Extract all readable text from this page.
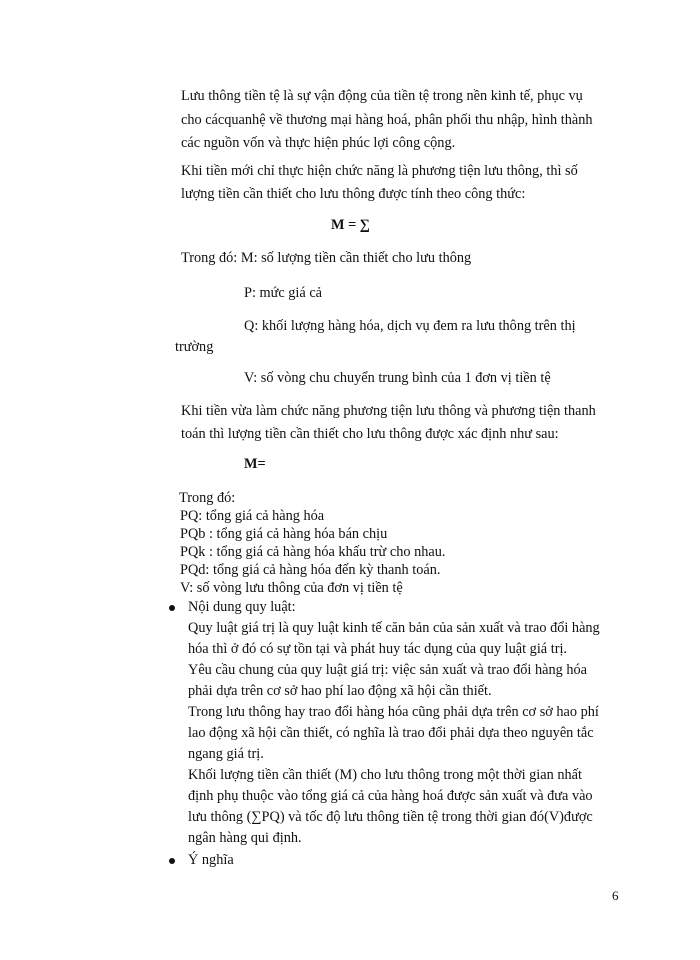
Lưu thông tiền tệ là sự vận động của tiền tệ trong nền kinh tế, phục vụ
cho cácquanhệ về thương mại hàng hoá, phân phối thu nhập, hình thành
các nguồn vốn và thực hiện phúc lợi công cộng.
Khi tiền mới chỉ thực hiện chức năng là phương tiện lưu thông, thì số
lượng tiền cần thiết cho lưu thông được tính theo công thức:
M = ∑
Trong đó: M: số lượng tiền cần thiết cho lưu thông
P: mức giá cả
Q: khối lượng hàng hóa, dịch vụ đem ra lưu thông trên thị
trường
V: số vòng chu chuyển trung bình của 1 đơn vị tiền tệ
Khi tiền vừa làm chức năng phương tiện lưu thông và phương tiện thanh
toán thì lượng tiền cần thiết cho lưu thông được xác định như sau:
M=
Trong đó:
PQ: tổng giá cả hàng hóa
PQb : tổng giá cả hàng hóa bán chịu
PQk : tổng giá cả hàng hóa khấu trừ cho nhau.
PQd: tổng giá cả hàng hóa đến kỳ thanh toán.
V: số vòng lưu thông của đơn vị tiền tệ
Nội dung quy luật:
Quy luật giá trị là quy luật kinh tế căn bản của sản xuất và trao đổi hàng
hóa thì ở đó có sự tồn tại và phát huy tác dụng của quy luật giá trị.
Yêu cầu chung của quy luật giá trị: việc sản xuất và trao đổi hàng hóa
phải dựa trên cơ sở hao phí lao động xã hội cần thiết.
Trong lưu thông hay trao đổi hàng hóa cũng phải dựa trên cơ sở hao phí
lao động xã hội cần thiết, có nghĩa là trao đổi phải dựa theo nguyên tắc
ngang giá trị.
Khối lượng tiền cần thiết (M) cho lưu thông trong một thời gian nhất
định phụ thuộc vào tổng giá cả của hàng hoá được sản xuất và đưa vào
lưu thông (∑PQ) và tốc độ lưu thông tiền tệ trong thời gian đó(V)được
ngân hàng qui định.
Ý nghĩa
6
